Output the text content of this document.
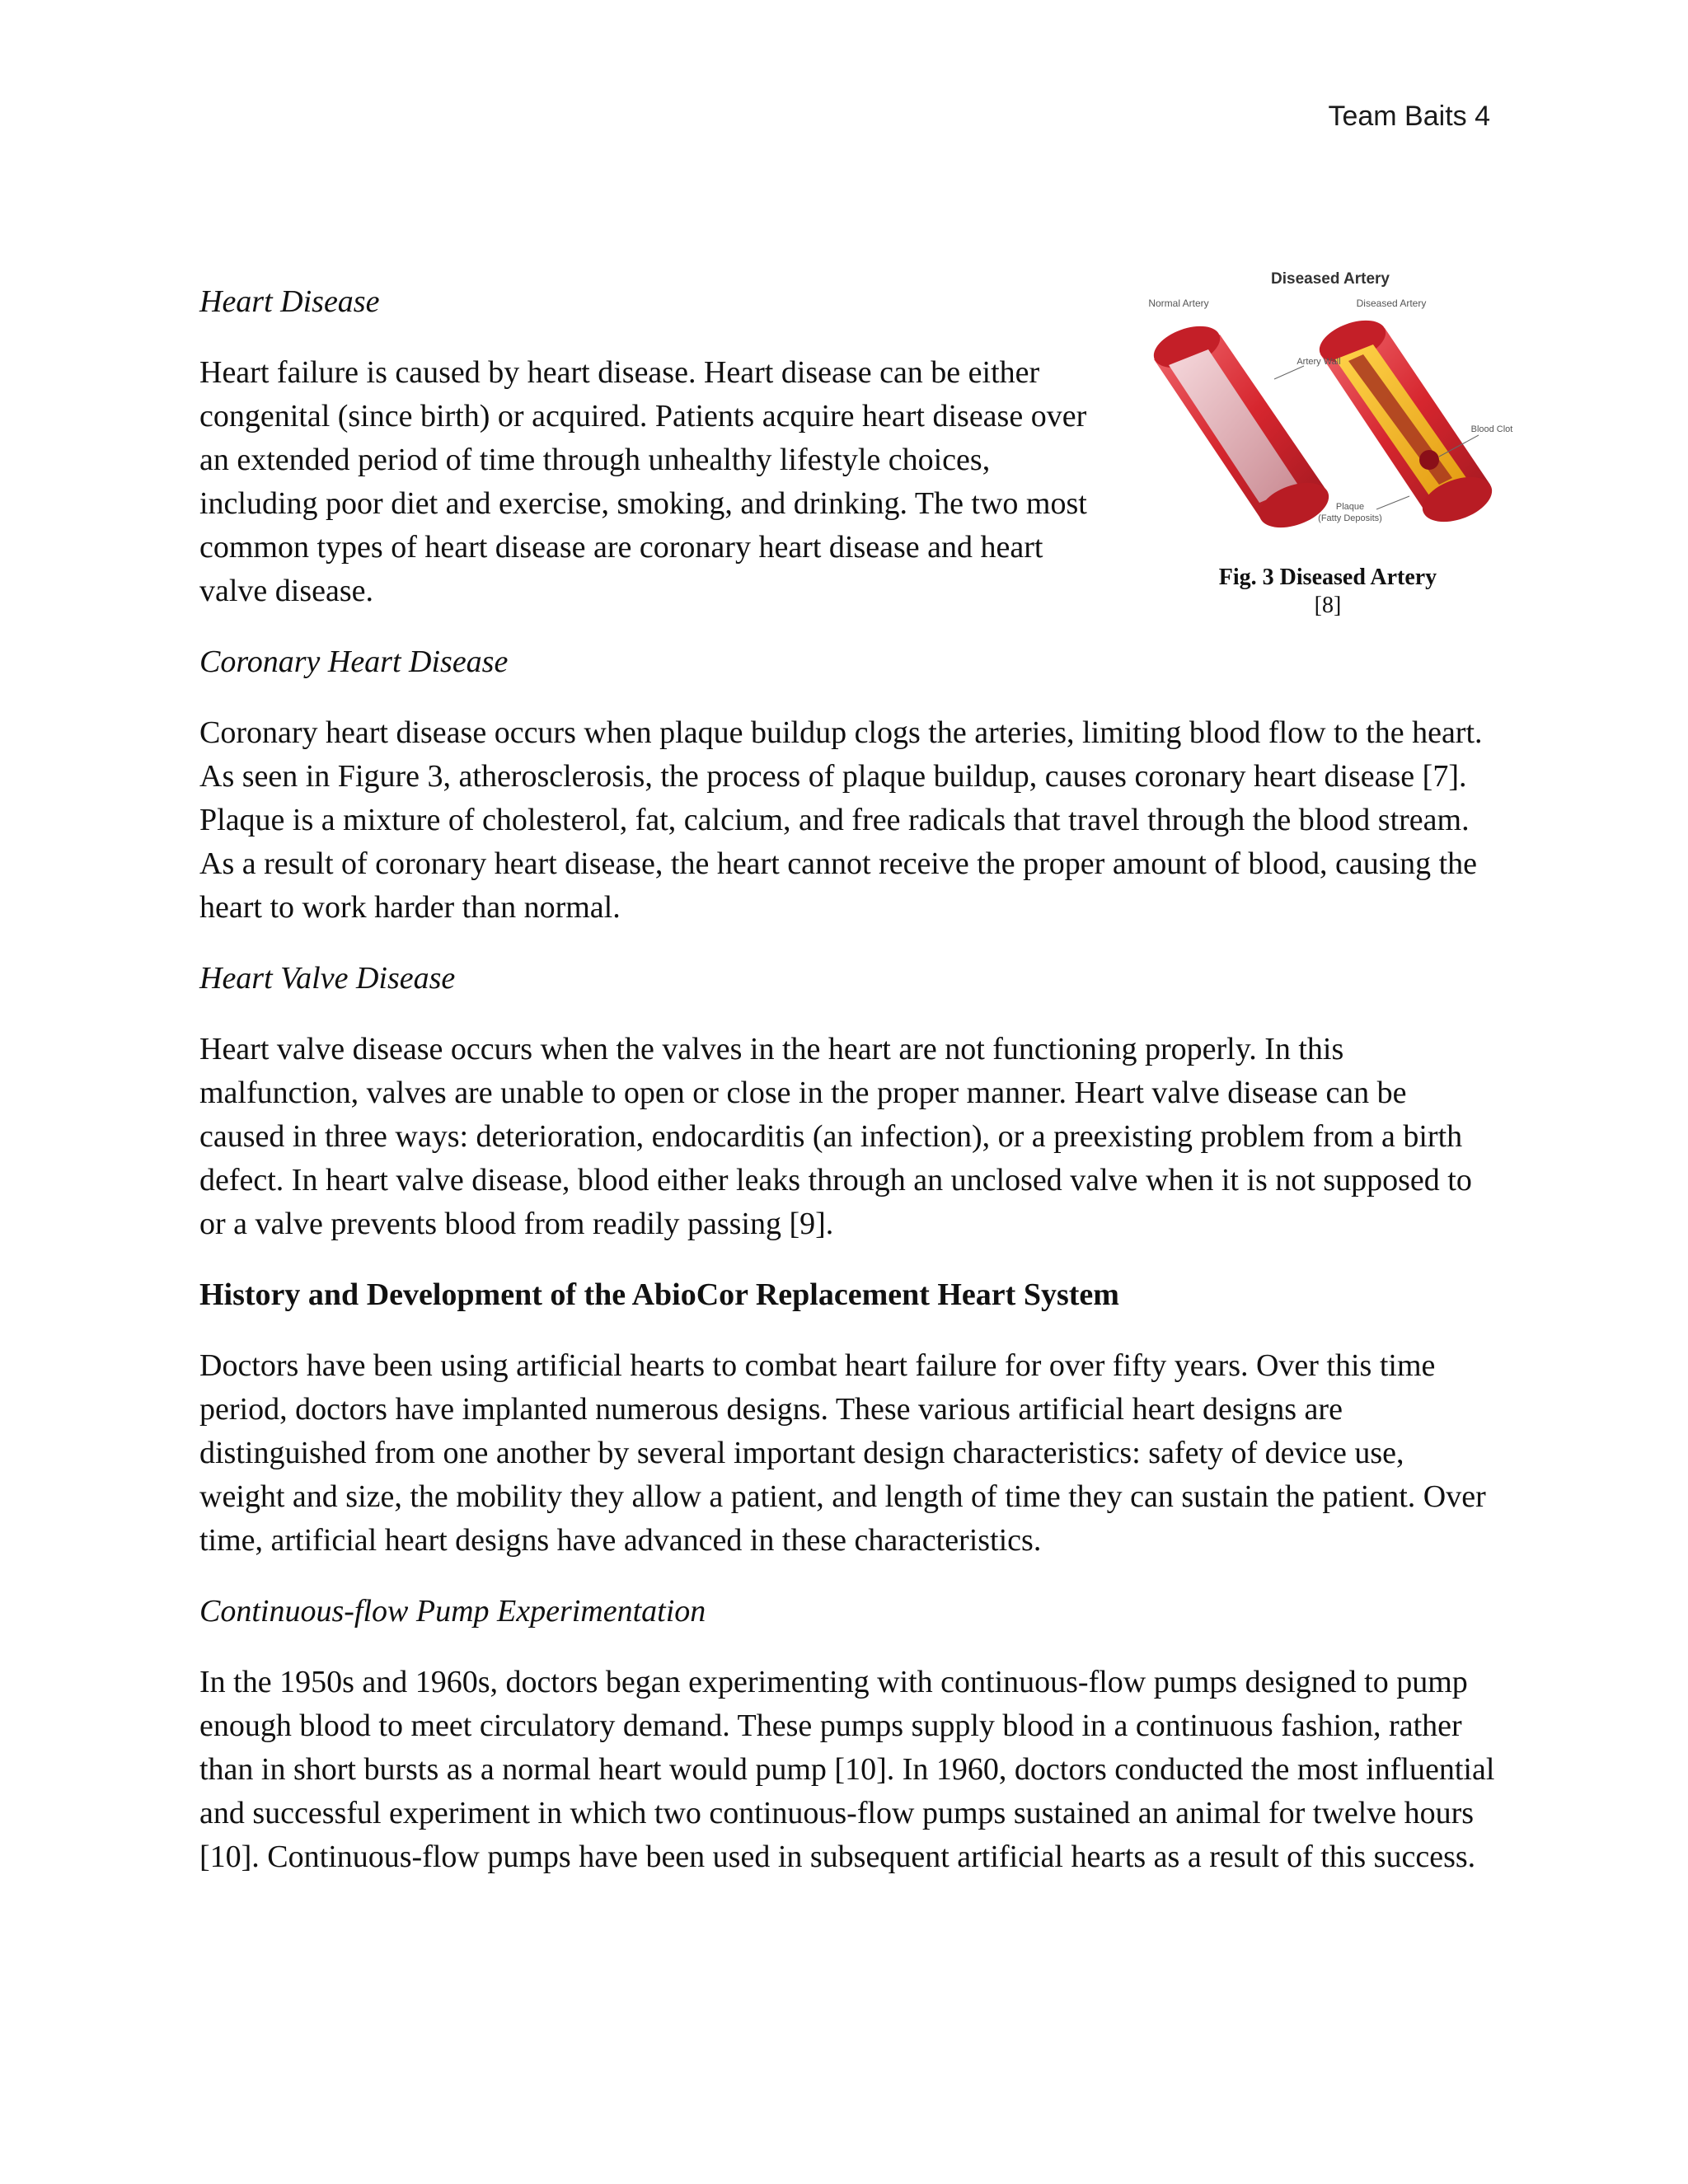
Team Baits 4
Heart Disease

Heart failure is caused by heart disease. Heart disease can be either congenital (since birth) or acquired. Patients acquire heart disease over an extended period of time through unhealthy lifestyle choices, including poor diet and exercise, smoking, and drinking. The two most common types of heart disease are coronary heart disease and heart valve disease.

Coronary Heart Disease
Diseased Artery
Normal Artery	Diseased Artery
Artery Wall
Blood Clot
Plaque
(Fatty Deposits)
Fig. 3 Diseased Artery
[8]

Coronary heart disease occurs when plaque buildup clogs the arteries, limiting blood flow to the heart. As seen in Figure 3, atherosclerosis, the process of plaque buildup, causes coronary heart disease [7]. Plaque is a mixture of cholesterol, fat, calcium, and free radicals that travel through the blood stream. As a result of coronary heart disease, the heart cannot receive the proper amount of blood, causing the heart to work harder than normal.

Heart Valve Disease

Heart valve disease occurs when the valves in the heart are not functioning properly. In this malfunction, valves are unable to open or close in the proper manner. Heart valve disease can be caused in three ways: deterioration, endocarditis (an infection), or a preexisting problem from a birth defect. In heart valve disease, blood either leaks through an unclosed valve when it is not supposed to or a valve prevents blood from readily passing [9].

History and Development of the AbioCor Replacement Heart System

Doctors have been using artificial hearts to combat heart failure for over fifty years. Over this time period, doctors have implanted numerous designs. These various artificial heart designs are distinguished from one another by several important design characteristics: safety of device use, weight and size, the mobility they allow a patient, and length of time they can sustain the patient. Over time, artificial heart designs have advanced in these characteristics.

Continuous-flow Pump Experimentation

In the 1950s and 1960s, doctors began experimenting with continuous-flow pumps designed to pump enough blood to meet circulatory demand. These pumps supply blood in a continuous fashion, rather than in short bursts as a normal heart would pump [10]. In 1960, doctors conducted the most influential and successful experiment in which two continuous-flow pumps sustained an animal for twelve hours [10]. Continuous-flow pumps have been used in subsequent artificial hearts as a result of this success.
